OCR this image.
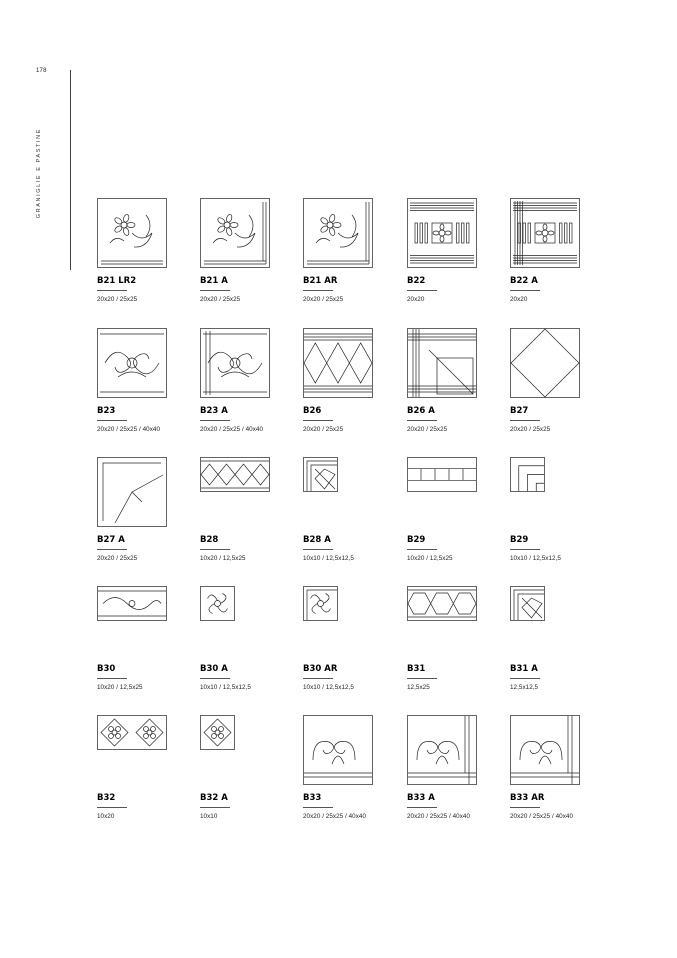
178
GRANIGLIE E PASTINE
B21 LR2
20x20 / 25x25
B21 A
20x20 / 25x25
B21 AR
20x20 / 25x25
B22
20x20
B22 A
20x20
B23
20x20 / 25x25 / 40x40
B23 A
20x20 / 25x25 / 40x40
B26
20x20 / 25x25
B26 A
20x20 / 25x25
B27
20x20 / 25x25
B27 A
20x20 / 25x25
B28
10x20 / 12,5x25
B28 A
10x10 / 12,5x12,5
B29
10x20 / 12,5x25
B29
10x10 / 12,5x12,5
B30
10x20 / 12,5x25
B30 A
10x10 / 12,5x12,5
B30 AR
10x10 / 12,5x12,5
B31
12,5x25
B31 A
12,5x12,5
B32
10x20
B32 A
10x10
B33
20x20 / 25x25 / 40x40
B33 A
20x20 / 25x25 / 40x40
B33 AR
20x20 / 25x25 / 40x40
